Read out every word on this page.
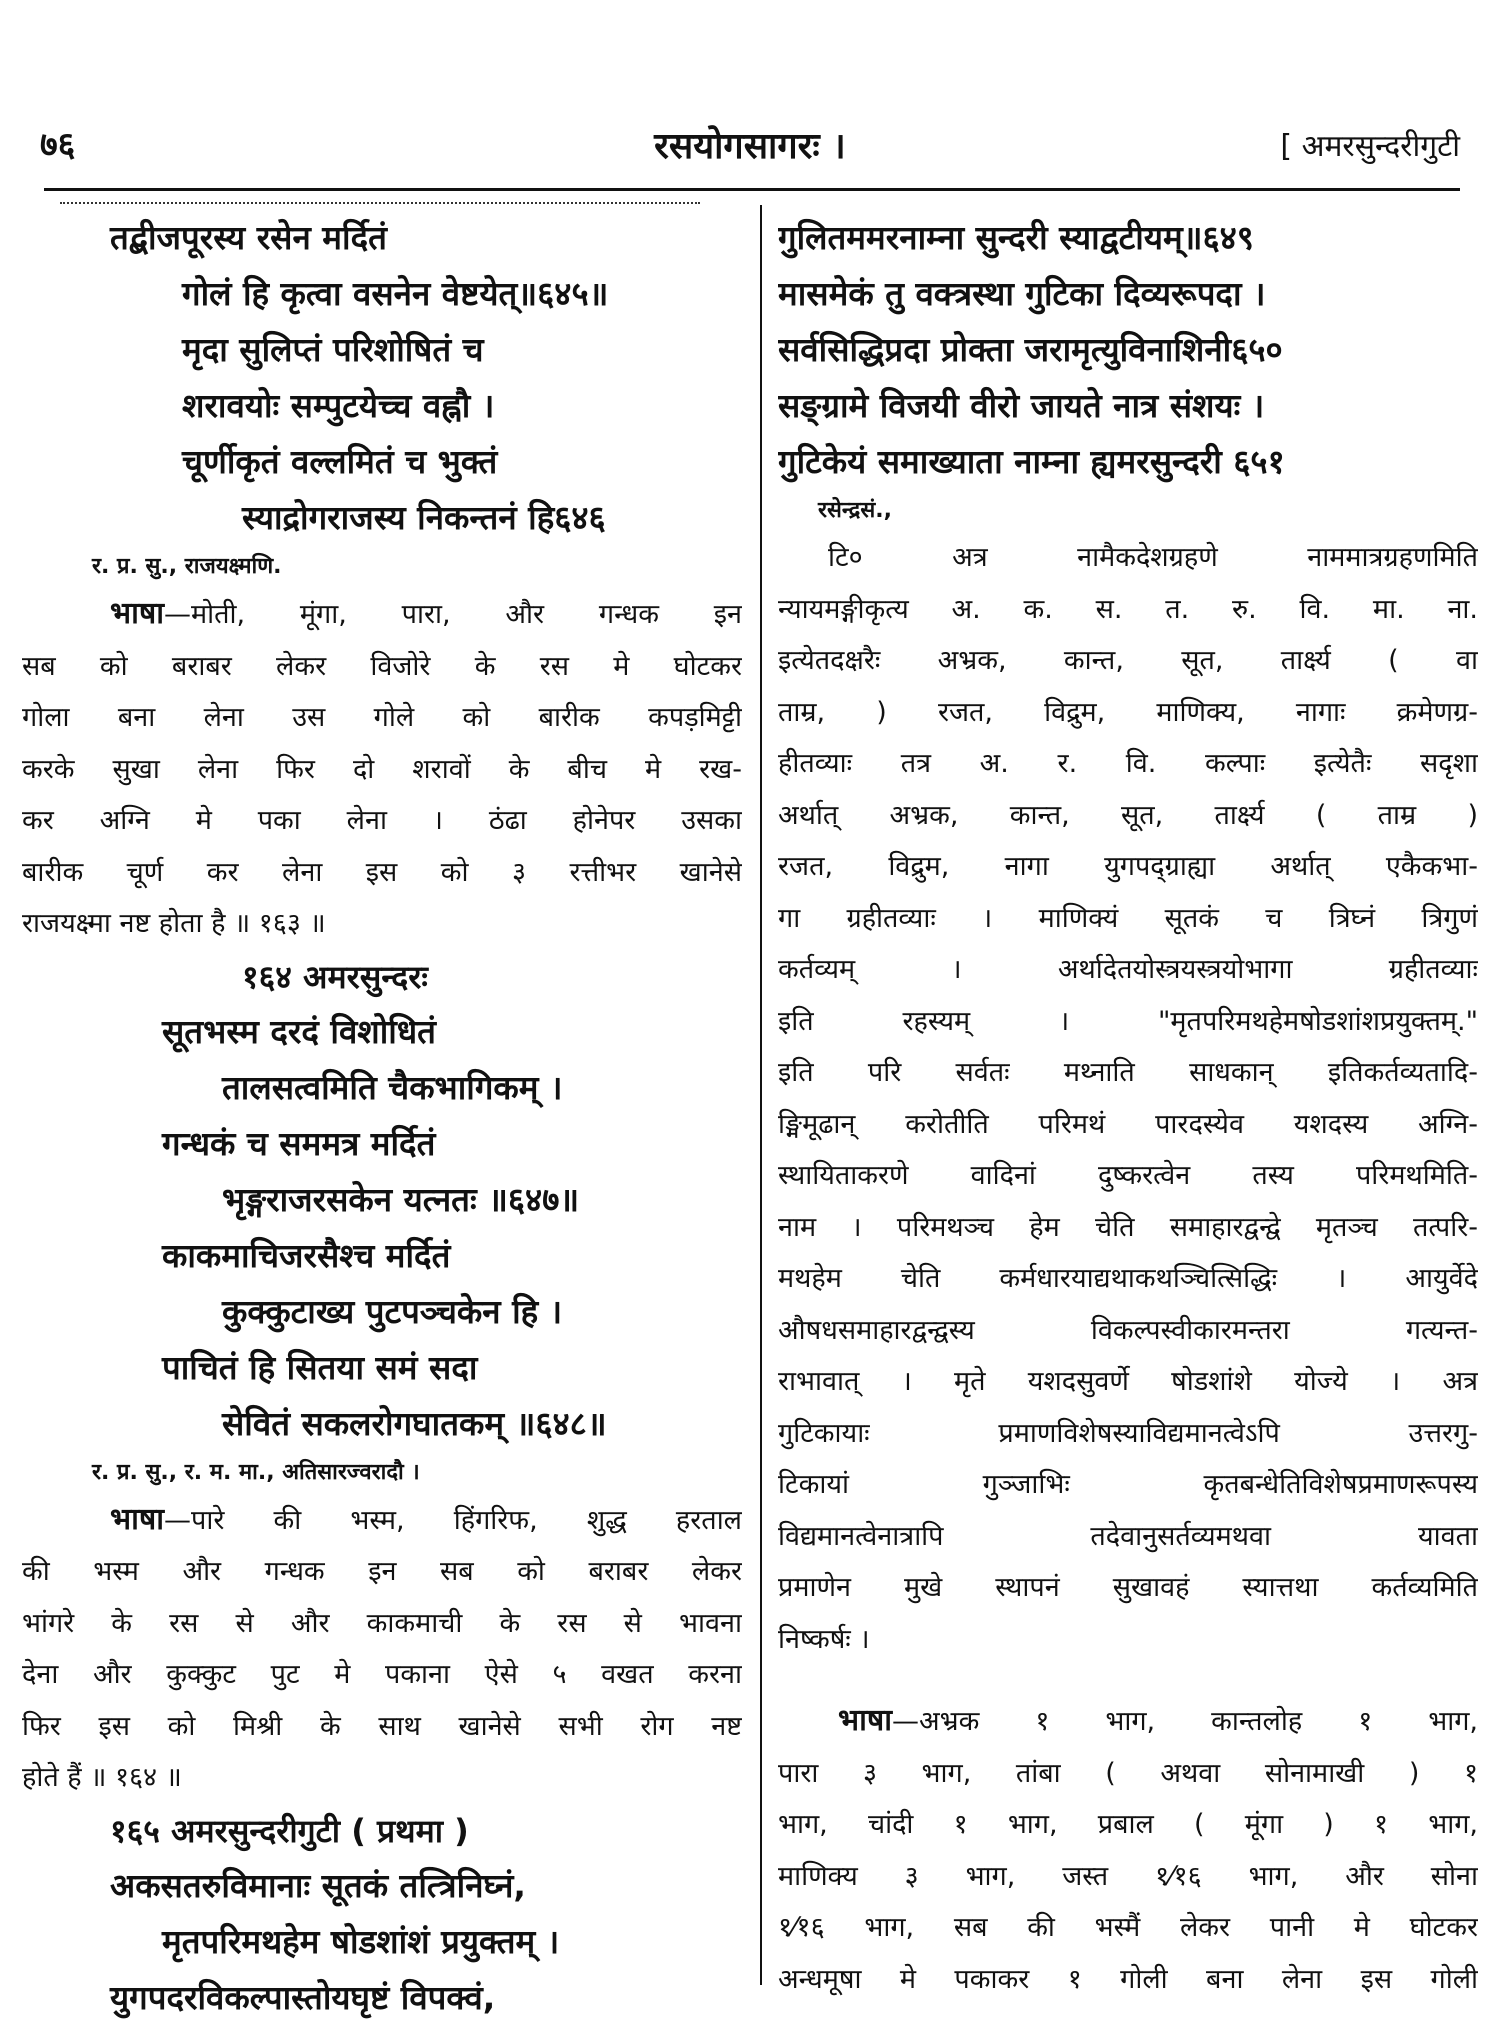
७६	रसयोगसागरः ।	[ अमरसुन्दरीगुटी
तद्बीजपूरस्य रसेन मर्दितं
गोलं हि कृत्वा वसनेन वेष्टयेत्॥६४५॥
मृदा सुलिप्तं परिशोषितं च
शरावयोः सम्पुटयेच्च वह्नौ ।
चूर्णीकृतं वल्लमितं च भुक्तं
स्याद्रोगराजस्य निकन्तनं हि६४६
र. प्र. सु., राजयक्ष्मणि.
भाषा—मोती, मूंगा, पारा, और गन्धक इन
सब को बराबर लेकर विजोरे के रस मे घोटकर
गोला बना लेना उस गोले को बारीक कपड़मिट्टी
करके सुखा लेना फिर दो शरावों के बीच मे रख-
कर अग्नि मे पका लेना । ठंढा होनेपर उसका
बारीक चूर्ण कर लेना इस को ३ रत्तीभर खानेसे
राजयक्ष्मा नष्ट होता है ॥ १६३ ॥
१६४ अमरसुन्दरः
सूतभस्म दरदं विशोधितं
तालसत्वमिति चैकभागिकम् ।
गन्धकं च सममत्र मर्दितं
भृङ्गराजरसकेन यत्नतः ॥६४७॥
काकमाचिजरसैश्च मर्दितं
कुक्कुटाख्य पुटपञ्चकेन हि ।
पाचितं हि सितया समं सदा
सेवितं सकलरोगघातकम् ॥६४८॥
र. प्र. सु., र. म. मा., अतिसारज्वरादौ ।
भाषा—पारे की भस्म, हिंगरिफ, शुद्ध हरताल
की भस्म और गन्धक इन सब को बराबर लेकर
भांगरे के रस से और काकमाची के रस से भावना
देना और कुक्कुट पुट मे पकाना ऐसे ५ वखत करना
फिर इस को मिश्री के साथ खानेसे सभी रोग नष्ट
होते हैं ॥ १६४ ॥
१६५ अमरसुन्दरीगुटी ( प्रथमा )
अकसतरुविमानाः सूतकं तत्त्रिनिघ्नं,
मृतपरिमथहेम षोडशांशं प्रयुक्तम् ।
युगपदरविकल्पास्तोयघृष्टं विपक्वं,
गुलितममरनाम्ना सुन्दरी स्याद्वटीयम्॥६४९
मासमेकं तु वक्त्रस्था गुटिका दिव्यरूपदा ।
सर्वसिद्धिप्रदा प्रोक्ता जरामृत्युविनाशिनी६५०
सङ्ग्रामे विजयी वीरो जायते नात्र संशयः ।
गुटिकेयं समाख्याता नाम्ना ह्यमरसुन्दरी ६५१
रसेन्द्रसं.,
टि० अत्र नामैकदेशग्रहणे नाममात्रग्रहणमिति
न्यायमङ्गीकृत्य अ. क. स. त. रु. वि. मा. ना.
इत्येतदक्षरैः अभ्रक, कान्त, सूत, तार्क्ष्य ( वा
ताम्र, ) रजत, विद्रुम, माणिक्य, नागाः क्रमेणग्र-
हीतव्याः तत्र अ. र. वि. कल्पाः इत्येतैः सदृशा
अर्थात् अभ्रक, कान्त, सूत, तार्क्ष्य ( ताम्र )
रजत, विद्रुम, नागा युगपद्ग्राह्या अर्थात् एकैकभा-
गा ग्रहीतव्याः । माणिक्यं सूतकं च त्रिघ्नं त्रिगुणं
कर्तव्यम् । अर्थादेतयोस्त्रयस्त्रयोभागा ग्रहीतव्याः
इति रहस्यम् । "मृतपरिमथहेमषोडशांशप्रयुक्तम्."
इति परि सर्वतः मथ्नाति साधकान् इतिकर्तव्यतादि-
ङ्मिमूढान् करोतीति परिमथं पारदस्येव यशदस्य अग्नि-
स्थायिताकरणे वादिनां दुष्करत्वेन तस्य परिमथमिति-
नाम । परिमथञ्च हेम चेति समाहारद्वन्द्वे मृतञ्च तत्परि-
मथहेम चेति कर्मधारयाद्यथाकथञ्चित्सिद्धिः । आयुर्वेदे
औषधसमाहारद्वन्द्वस्य विकल्पस्वीकारमन्तरा गत्यन्त-
राभावात् । मृते यशदसुवर्णे षोडशांशे योज्ये । अत्र
गुटिकायाः प्रमाणविशेषस्याविद्यमानत्वेऽपि उत्तरगु-
टिकायां गुञ्जाभिः कृतबन्धेतिविशेषप्रमाणरूपस्य
विद्यमानत्वेनात्रापि तदेवानुसर्तव्यमथवा यावता
प्रमाणेन मुखे स्थापनं सुखावहं स्यात्तथा कर्तव्यमिति
निष्कर्षः ।
भाषा—अभ्रक १ भाग, कान्तलोह १ भाग,
पारा ३ भाग, तांबा ( अथवा सोनामाखी ) १
भाग, चांदी १ भाग, प्रबाल ( मूंगा ) १ भाग,
माणिक्य ३ भाग, जस्त १⁄१६ भाग, और सोना
१⁄१६ भाग, सब की भस्मैं लेकर पानी मे घोटकर
अन्धमूषा मे पकाकर १ गोली बना लेना इस गोली
